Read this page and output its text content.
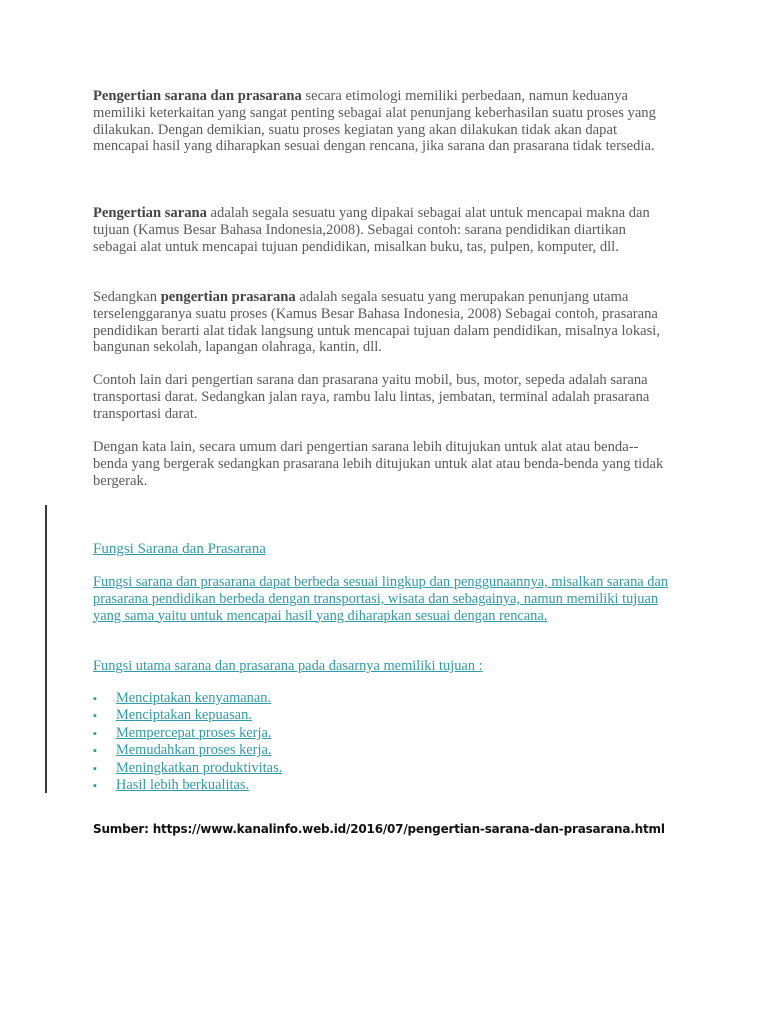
Pengertian sarana dan prasarana secara etimologi memiliki perbedaan, namun keduanya memiliki keterkaitan yang sangat penting sebagai alat penunjang keberhasilan suatu proses yang dilakukan. Dengan demikian, suatu proses kegiatan yang akan dilakukan tidak akan dapat mencapai hasil yang diharapkan sesuai dengan rencana, jika sarana dan prasarana tidak tersedia.

Pengertian sarana adalah segala sesuatu yang dipakai sebagai alat untuk mencapai makna dan tujuan (Kamus Besar Bahasa Indonesia,2008). Sebagai contoh: sarana pendidikan diartikan sebagai alat untuk mencapai tujuan pendidikan, misalkan buku, tas, pulpen, komputer, dll.

Sedangkan pengertian prasarana adalah segala sesuatu yang merupakan penunjang utama terselenggaranya suatu proses (Kamus Besar Bahasa Indonesia, 2008) Sebagai contoh, prasarana pendidikan berarti alat tidak langsung untuk mencapai tujuan dalam pendidikan, misalnya lokasi, bangunan sekolah, lapangan olahraga, kantin, dll.

Contoh lain dari pengertian sarana dan prasarana yaitu mobil, bus, motor, sepeda adalah sarana transportasi darat. Sedangkan jalan raya, rambu lalu lintas, jembatan, terminal adalah prasarana transportasi darat.

Dengan kata lain, secara umum dari pengertian sarana lebih ditujukan untuk alat atau benda--benda yang bergerak sedangkan prasarana lebih ditujukan untuk alat atau benda-benda yang tidak bergerak.

Fungsi Sarana dan Prasarana

Fungsi sarana dan prasarana dapat berbeda sesuai lingkup dan penggunaannya, misalkan sarana dan prasarana pendidikan berbeda dengan transportasi, wisata dan sebagainya, namun memiliki tujuan yang sama yaitu untuk mencapai hasil yang diharapkan sesuai dengan rencana.

Fungsi utama sarana dan prasarana pada dasarnya memiliki tujuan :

▪ Menciptakan kenyamanan.
▪ Menciptakan kepuasan.
▪ Mempercepat proses kerja.
▪ Memudahkan proses kerja.
▪ Meningkatkan produktivitas.
▪ Hasil lebih berkualitas.

Sumber: https://www.kanalinfo.web.id/2016/07/pengertian-sarana-dan-prasarana.html
